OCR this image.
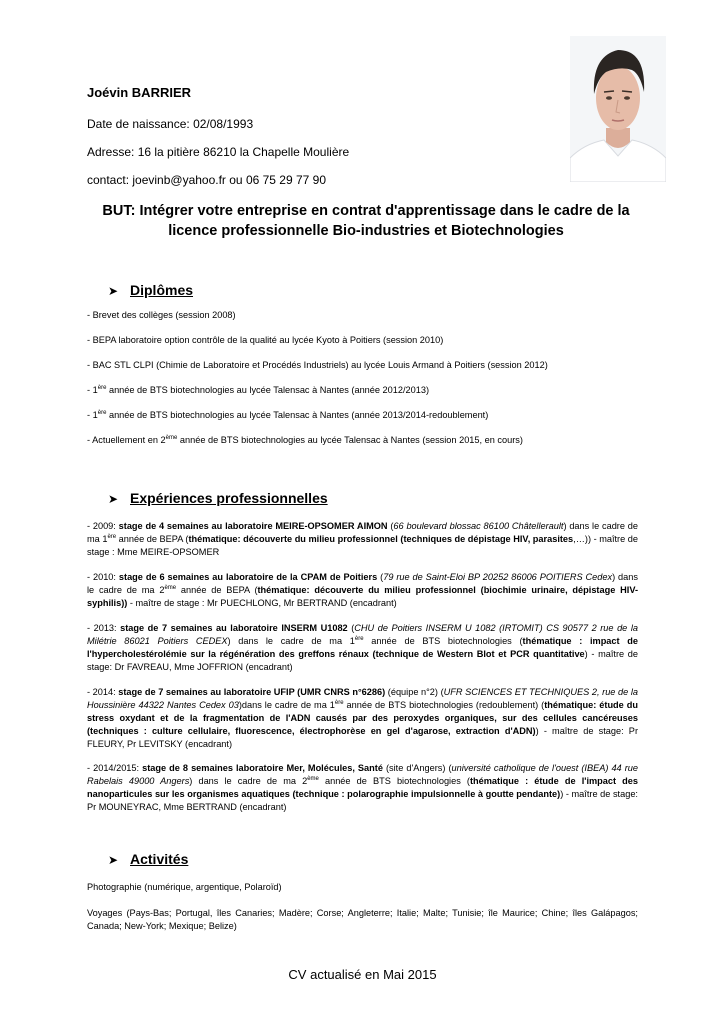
Joévin BARRIER
Date de naissance: 02/08/1993
Adresse: 16 la pitière 86210 la Chapelle Moulière
contact: joevinb@yahoo.fr ou 06 75 29 77 90
BUT: Intégrer votre entreprise en contrat d'apprentissage dans le cadre de la licence professionnelle Bio-industries et Biotechnologies
➤ Diplômes
- Brevet des collèges (session 2008)
- BEPA laboratoire option contrôle de la qualité au lycée Kyoto à Poitiers (session 2010)
- BAC STL CLPI (Chimie de Laboratoire et Procédés Industriels) au lycée Louis Armand à Poitiers (session 2012)
- 1ère année de BTS biotechnologies au lycée Talensac à Nantes (année 2012/2013)
- 1ère année de BTS biotechnologies au lycée Talensac à Nantes (année 2013/2014-redoublement)
- Actuellement en 2ème année de BTS biotechnologies au lycée Talensac à Nantes (session 2015, en cours)
➤ Expériences professionnelles
- 2009: stage de 4 semaines au laboratoire MEIRE-OPSOMER AIMON (66 boulevard blossac 86100 Châtellerault) dans le cadre de ma 1ère année de BEPA (thématique: découverte du milieu professionnel (techniques de dépistage HIV, parasites,…)) - maître de stage : Mme MEIRE-OPSOMER
- 2010: stage de 6 semaines au laboratoire de la CPAM de Poitiers (79 rue de Saint-Eloi BP 20252 86006 POITIERS Cedex) dans le cadre de ma 2ème année de BEPA (thématique: découverte du milieu professionnel (biochimie urinaire, dépistage HIV-syphilis)) - maître de stage : Mr PUECHLONG, Mr BERTRAND (encadrant)
- 2013: stage de 7 semaines au laboratoire INSERM U1082 (CHU de Poitiers INSERM U 1082 (IRTOMIT) CS 90577 2 rue de la Milétrie 86021 Poitiers CEDEX) dans le cadre de ma 1ère année de BTS biotechnologies (thématique : impact de l'hypercholestérolémie sur la régénération des greffons rénaux (technique de Western Blot et PCR quantitative) - maître de stage: Dr FAVREAU, Mme JOFFRION (encadrant)
- 2014: stage de 7 semaines au laboratoire UFIP (UMR CNRS n°6286) (équipe n°2) (UFR SCIENCES ET TECHNIQUES 2, rue de la Houssinière 44322 Nantes Cedex 03)dans le cadre de ma 1ère année de BTS biotechnologies (redoublement) (thématique: étude du stress oxydant et de la fragmentation de l'ADN causés par des peroxydes organiques, sur des cellules cancéreuses (techniques : culture cellulaire, fluorescence, électrophorèse en gel d'agarose, extraction d'ADN)) - maître de stage: Pr FLEURY, Pr LEVITSKY (encadrant)
- 2014/2015: stage de 8 semaines laboratoire Mer, Molécules, Santé (site d'Angers) (université catholique de l'ouest (IBEA) 44 rue Rabelais 49000 Angers) dans le cadre de ma 2ème année de BTS biotechnologies (thématique : étude de l'impact des nanoparticules sur les organismes aquatiques (technique : polarographie impulsionnelle à goutte pendante)) - maître de stage: Pr MOUNEYRAC, Mme BERTRAND (encadrant)
➤ Activités
Photographie (numérique, argentique, Polaroïd)
Voyages (Pays-Bas; Portugal, îles Canaries; Madère; Corse; Angleterre; Italie; Malte; Tunisie; île Maurice; Chine; îles Galápagos; Canada; New-York; Mexique; Belize)
CV actualisé en Mai 2015
